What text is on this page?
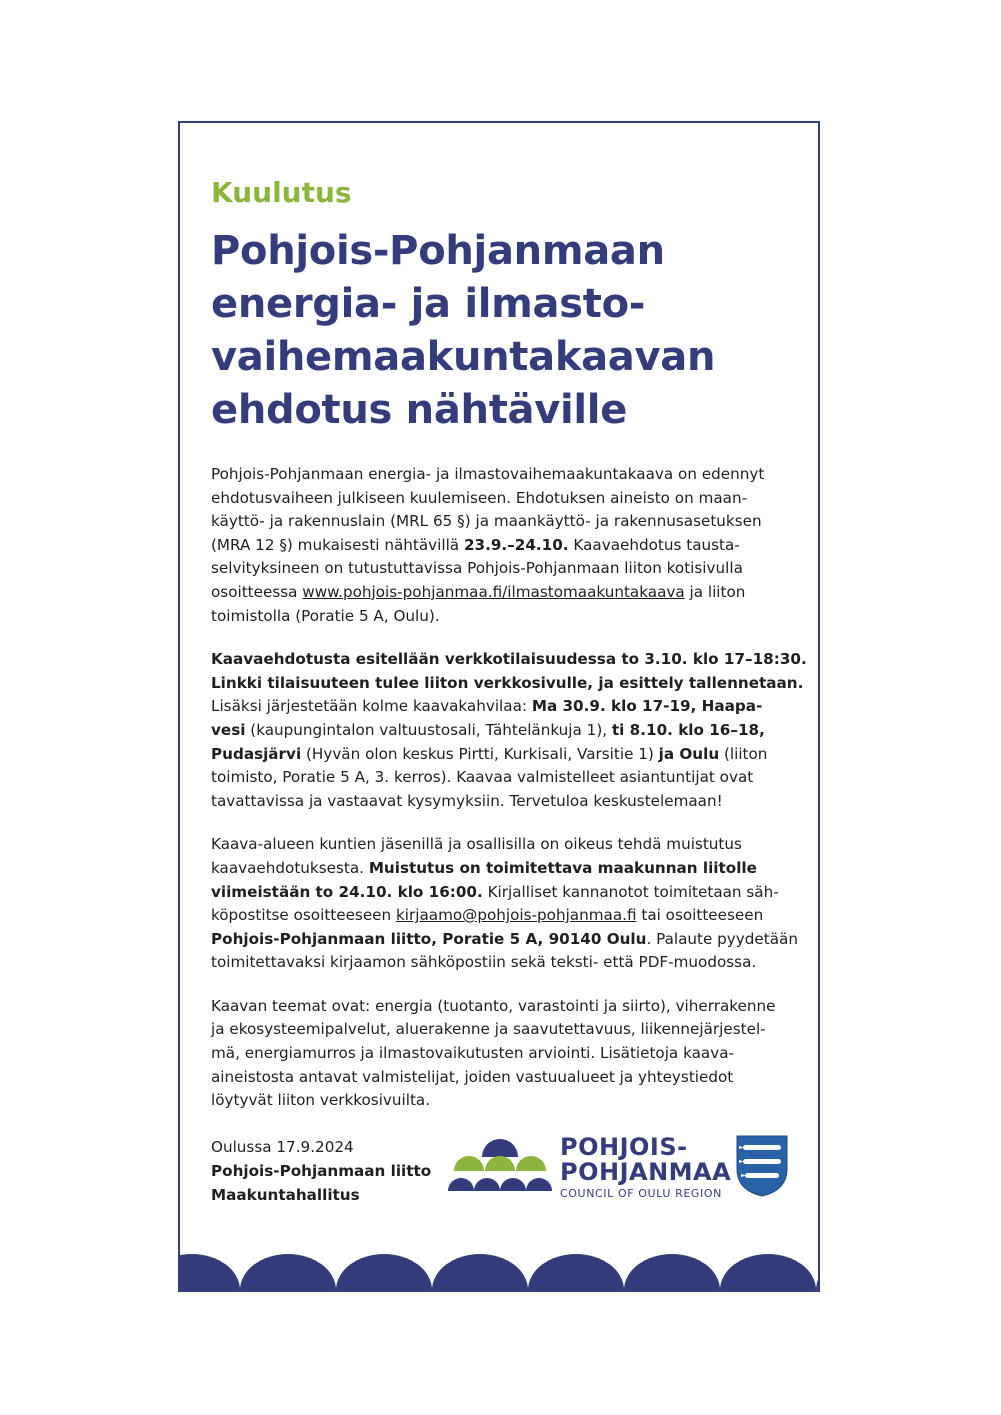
Kuulutus

Pohjois-Pohjanmaan
energia- ja ilmasto-
vaihemaakuntakaavan
ehdotus nähtäville

Pohjois-Pohjanmaan energia- ja ilmastovaihemaakuntakaava on edennyt
ehdotusvaiheen julkiseen kuulemiseen. Ehdotuksen aineisto on maan-
käyttö- ja rakennuslain (MRL 65 §) ja maankäyttö- ja rakennusasetuksen
(MRA 12 §) mukaisesti nähtävillä 23.9.–24.10. Kaavaehdotus tausta-
selvityksineen on tutustuttavissa Pohjois-Pohjanmaan liiton kotisivulla
osoitteessa www.pohjois-pohjanmaa.fi/ilmastomaakuntakaava ja liiton
toimistolla (Poratie 5 A, Oulu).

Kaavaehdotusta esitellään verkkotilaisuudessa to 3.10. klo 17–18:30.
Linkki tilaisuuteen tulee liiton verkkosivulle, ja esittely tallennetaan.
Lisäksi järjestetään kolme kaavakahvilaa: Ma 30.9. klo 17-19, Haapa-
vesi (kaupungintalon valtuustosali, Tähtelänkuja 1), ti 8.10. klo 16–18,
Pudasjärvi (Hyvän olon keskus Pirtti, Kurkisali, Varsitie 1) ja Oulu (liiton
toimisto, Poratie 5 A, 3. kerros). Kaavaa valmistelleet asiantuntijat ovat
tavattavissa ja vastaavat kysymyksiin. Tervetuloa keskustelemaan!

Kaava-alueen kuntien jäsenillä ja osallisilla on oikeus tehdä muistutus
kaavaehdotuksesta. Muistutus on toimitettava maakunnan liitolle
viimeistään to 24.10. klo 16:00. Kirjalliset kannanotot toimitetaan säh-
köpostitse osoitteeseen kirjaamo@pohjois-pohjanmaa.fi tai osoitteeseen
Pohjois-Pohjanmaan liitto, Poratie 5 A, 90140 Oulu. Palaute pyydetään
toimitettavaksi kirjaamon sähköpostiin sekä teksti- että PDF-muodossa.

Kaavan teemat ovat: energia (tuotanto, varastointi ja siirto), viherrakenne
ja ekosysteemipalvelut, aluerakenne ja saavutettavuus, liikennejärjestel-
mä, energiamurros ja ilmastovaikutusten arviointi. Lisätietoja kaava-
aineistosta antavat valmistelijat, joiden vastuualueet ja yhteystiedot
löytyvät liiton verkkosivuilta.

Oulussa 17.9.2024
Pohjois-Pohjanmaan liitto
Maakuntahallitus
POHJOIS-
POHJANMAA
COUNCIL OF OULU REGION
